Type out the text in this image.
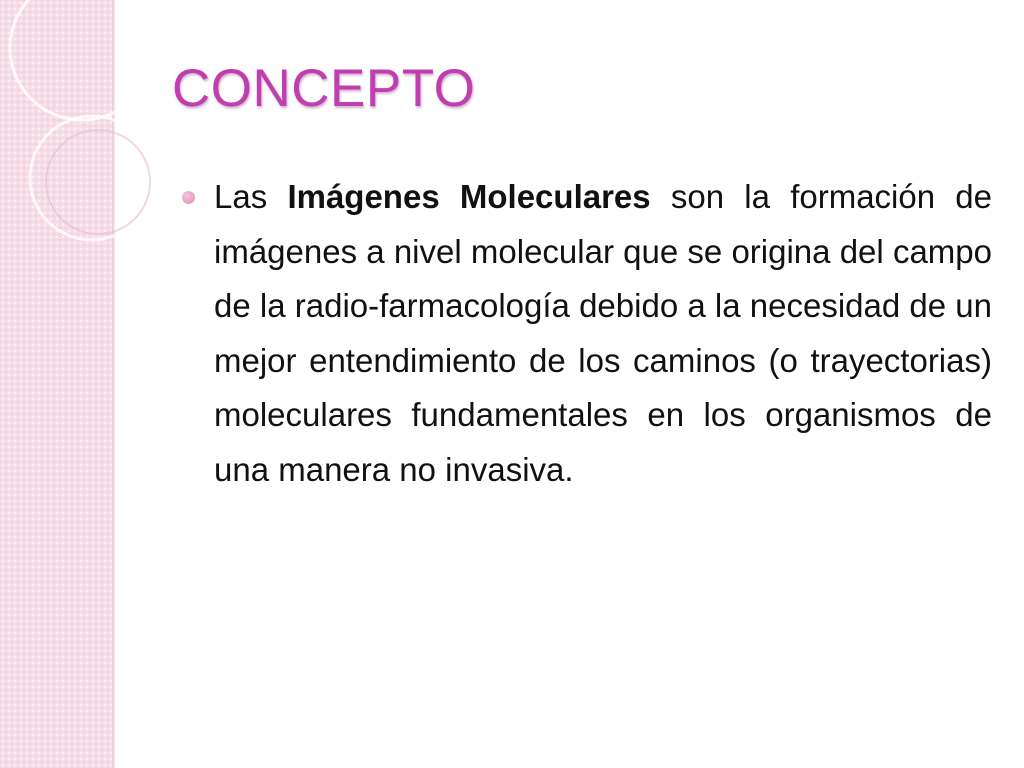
CONCEPTO

Las Imágenes Moleculares son la formación de imágenes a nivel molecular que se origina del campo de la radio-farmacología debido a la necesidad de un mejor entendimiento de los caminos (o trayectorias) moleculares fundamentales en los organismos de una manera no invasiva.
